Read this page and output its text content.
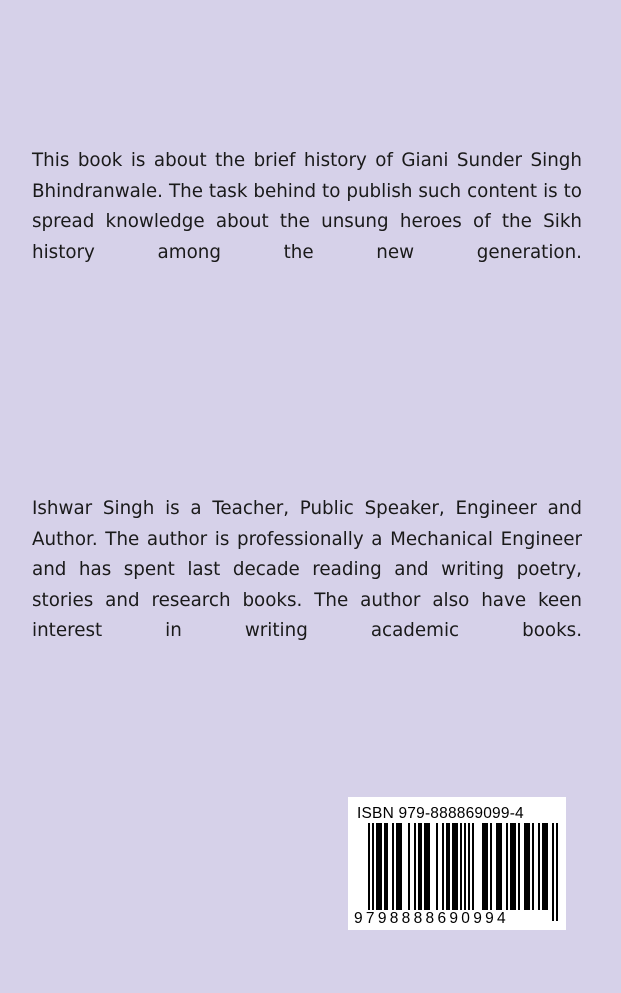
This book is about the brief history of Giani Sunder Singh Bhindranwale. The task behind to publish such content is to spread knowledge about the unsung heroes of the Sikh history among the new generation.

Ishwar Singh is a Teacher, Public Speaker, Engineer and Author. The author is professionally a Mechanical Engineer and has spent last decade reading and writing poetry, stories and research books. The author also have keen interest in writing academic books.

ISBN 979-888869099-4
9798888690994
